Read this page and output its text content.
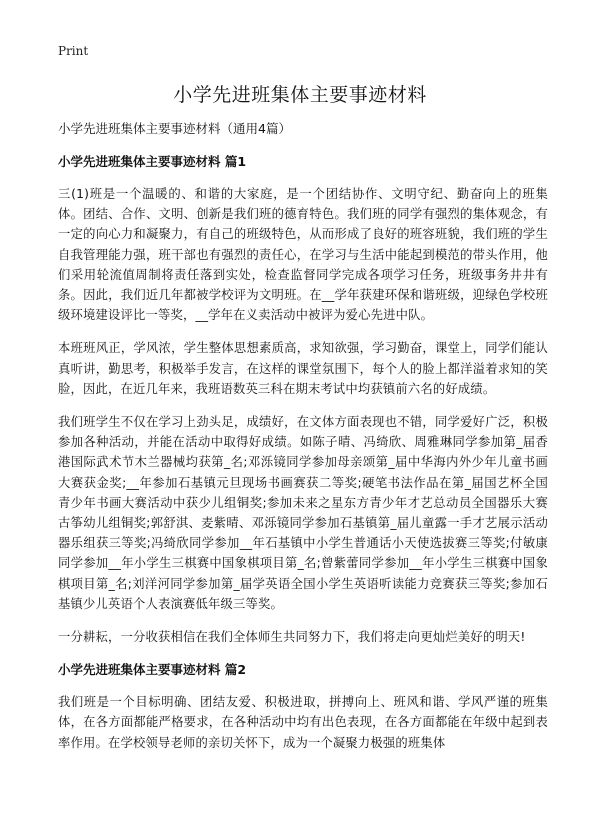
Print
小学先进班集体主要事迹材料

小学先进班集体主要事迹材料（通用4篇）

小学先进班集体主要事迹材料 篇1

三(1)班是一个温暖的、和谐的大家庭，是一个团结协作、文明守纪、勤奋向上的班集体。团结、合作、文明、创新是我们班的德育特色。我们班的同学有强烈的集体观念，有一定的向心力和凝聚力，有自己的班级特色，从而形成了良好的班容班貌，我们班的学生自我管理能力强，班干部也有强烈的责任心，在学习与生活中能起到模范的带头作用，他们采用轮流值周制将责任落到实处，检查监督同学完成各项学习任务，班级事务井井有条。因此，我们近几年都被学校评为文明班。在__学年获建环保和谐班级，迎绿色学校班级环境建设评比一等奖，__学年在义卖活动中被评为爱心先进中队。

本班班风正，学风浓，学生整体思想素质高，求知欲强，学习勤奋，课堂上，同学们能认真听讲，勤思考，积极举手发言，在这样的课堂氛围下，每个人的脸上都洋溢着求知的笑脸，因此，在近几年来，我班语数英三科在期末考试中均获镇前六名的好成绩。

我们班学生不仅在学习上劲头足，成绩好，在文体方面表现也不错，同学爱好广泛，积极参加各种活动，并能在活动中取得好成绩。如陈子晴、冯绮欣、周雅琳同学参加第_届香港国际武术节木兰器械均获第_名;邓泺镜同学参加母亲颂第_届中华海内外少年儿童书画大赛获金奖;__年参加石基镇元旦现场书画赛获二等奖;硬笔书法作品在第_届国艺杯全国青少年书画大赛活动中获少儿组铜奖;参加未来之星东方青少年才艺总动员全国器乐大赛古筝幼儿组铜奖;郭舒淇、麦紫晴、邓泺镜同学参加石基镇第_届儿童露一手才艺展示活动器乐组获三等奖;冯绮欣同学参加__年石基镇中小学生普通话小天使选拔赛三等奖;付敏康同学参加__年小学生三棋赛中国象棋项目第_名;曾紫蕾同学参加__年小学生三棋赛中国象棋项目第_名;刘洋河同学参加第_届学英语全国小学生英语听读能力竞赛获三等奖;参加石基镇少儿英语个人表演赛低年级三等奖。

一分耕耘，一分收获相信在我们全体师生共同努力下，我们将走向更灿烂美好的明天!

小学先进班集体主要事迹材料 篇2

我们班是一个目标明确、团结友爱、积极进取，拼搏向上、班风和谐、学风严谨的班集体，在各方面都能严格要求，在各种活动中均有出色表现，在各方面都能在年级中起到表率作用。在学校领导老师的亲切关怀下，成为一个凝聚力极强的班集体
